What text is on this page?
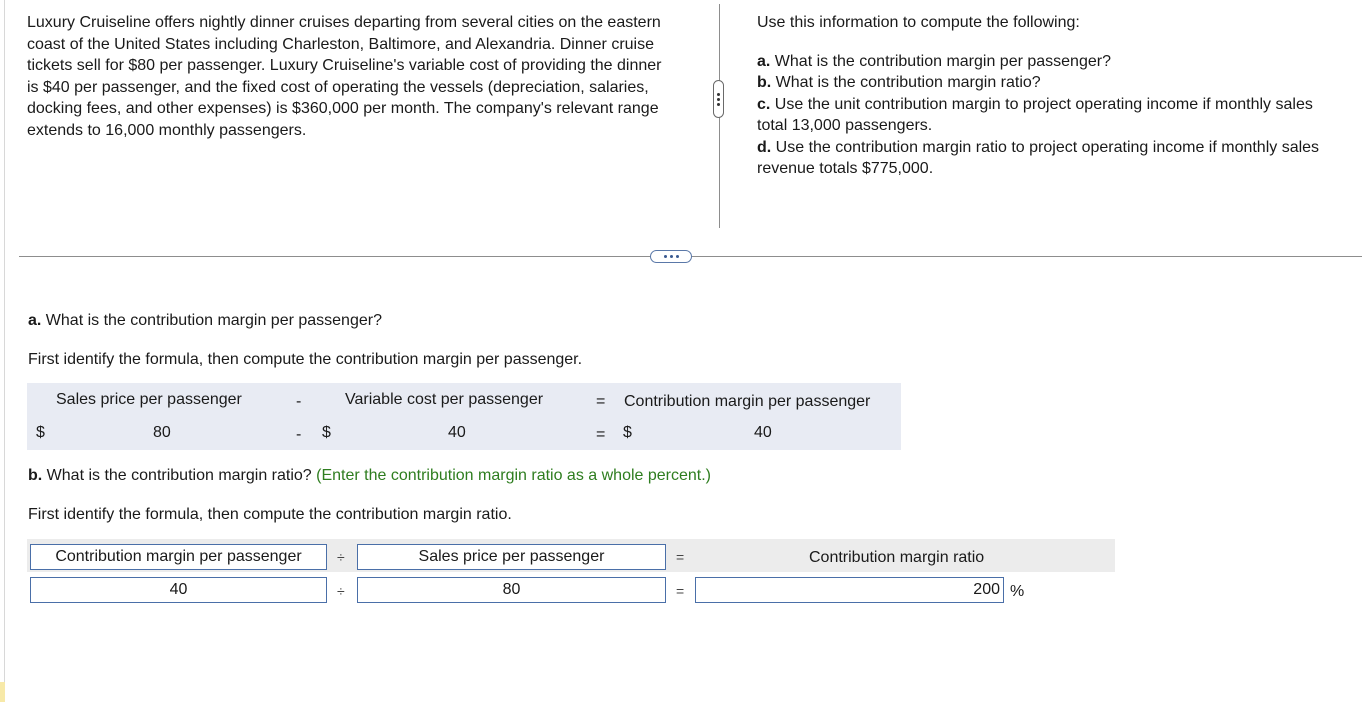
Luxury Cruiseline offers nightly dinner cruises departing from several cities on the eastern coast of the United States including Charleston, Baltimore, and Alexandria. Dinner cruise tickets sell for $80 per passenger. Luxury Cruiseline's variable cost of providing the dinner is $40 per passenger, and the fixed cost of operating the vessels (depreciation, salaries, docking fees, and other expenses) is $360,000 per month. The company's relevant range extends to 16,000 monthly passengers.

Use this information to compute the following:

a. What is the contribution margin per passenger?

b. What is the contribution margin ratio?

c. Use the unit contribution margin to project operating income if monthly sales total 13,000 passengers.

d. Use the contribution margin ratio to project operating income if monthly sales revenue totals $775,000.

a. What is the contribution margin per passenger?
First identify the formula, then compute the contribution margin per passenger.
Sales price per passenger	-	Variable cost per passenger	= Contribution margin per passenger
$	80	- $	40	= $	40
b. What is the contribution margin ratio? (Enter the contribution margin ratio as a whole percent.)
First identify the formula, then compute the contribution margin ratio.
Contribution margin per passenger	÷	Sales price per passenger	=	Contribution margin ratio
40	÷	80	=	200 %
